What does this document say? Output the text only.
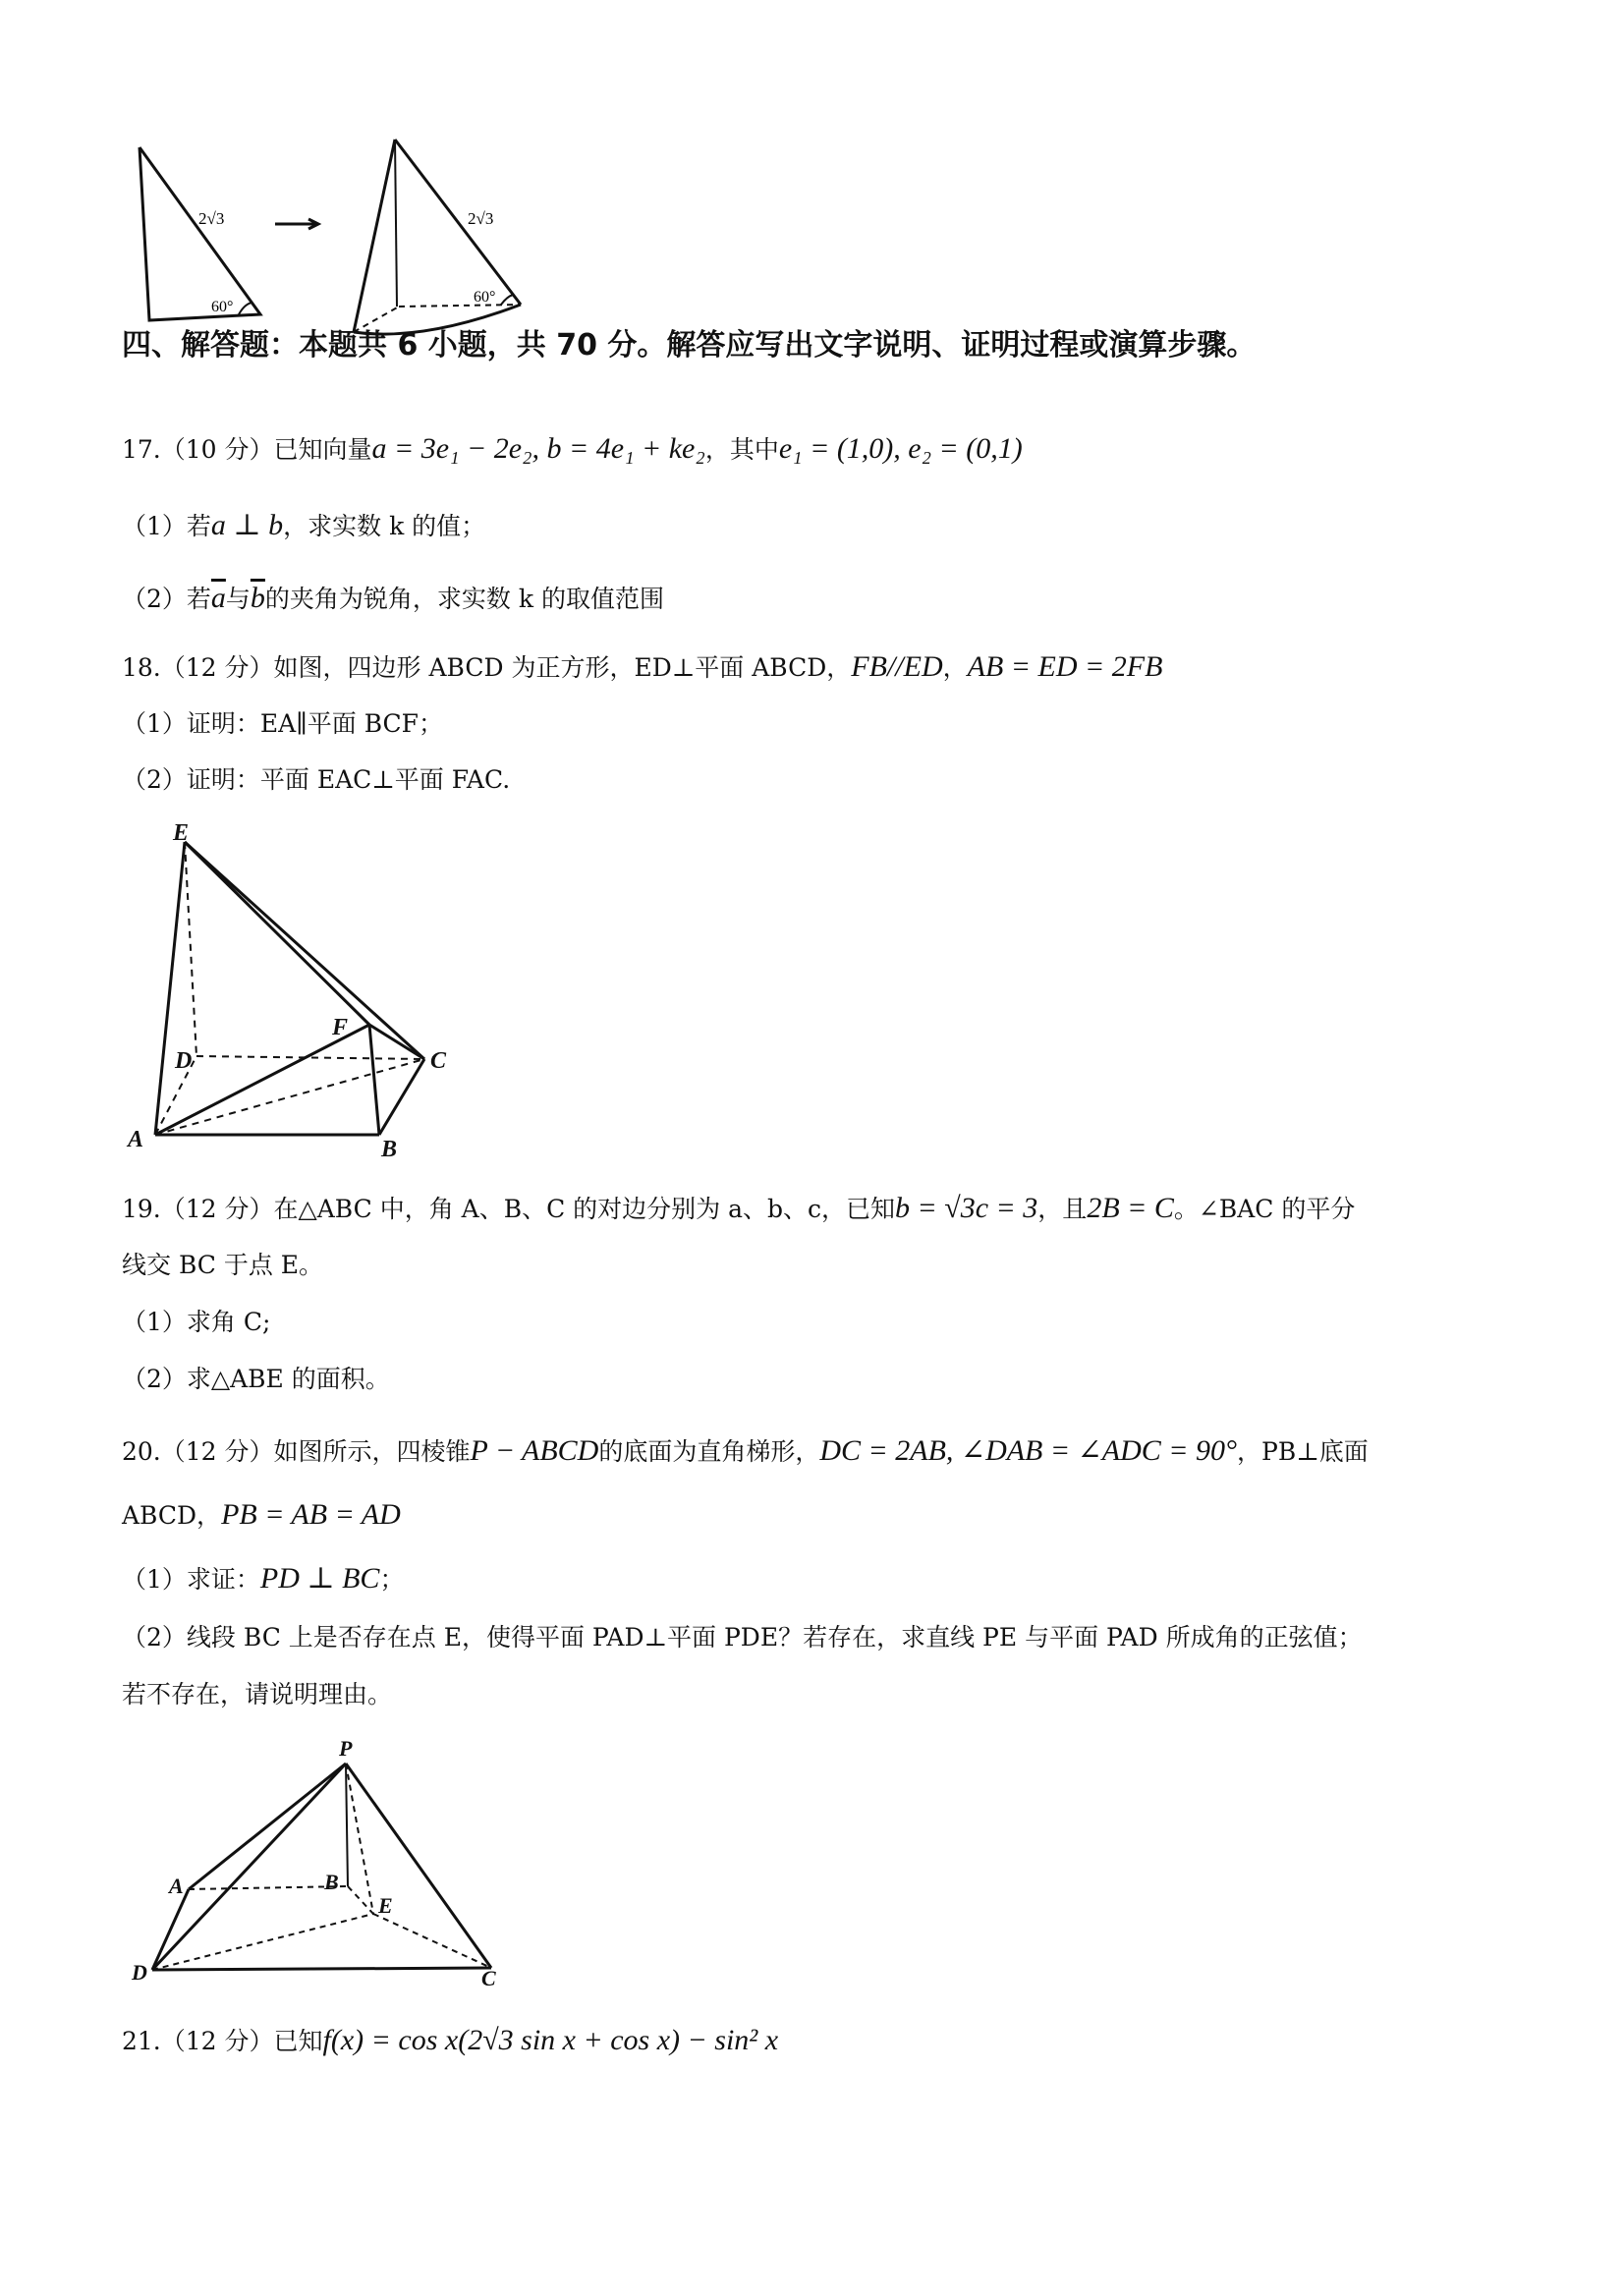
2√3
60°
2√3
60°
四、解答题：本题共 6 小题，共 70 分。解答应写出文字说明、证明过程或演算步骤。
17.（10 分）已知向量a = 3e₁ − 2e₂, b = 4e₁ + ke₂，其中e₁ = (1,0), e₂ = (0,1)
（1）若a ⊥ b，求实数 k 的值；
（2）若$\overline{a}$与$\overline{b}$的夹角为锐角，求实数 k 的取值范围
18.（12 分）如图，四边形 ABCD 为正方形，ED⊥平面 ABCD，FB//ED，AB = ED = 2FB
（1）证明：EA∥平面 BCF；
（2）证明：平面 EAC⊥平面 FAC.
E
F
D	C
A	B
19.（12 分）在△ABC 中，角 A、B、C 的对边分别为 a、b、c，已知b = √3c = 3，且2B = C。∠BAC 的平分
线交 BC 于点 E。
（1）求角 C;
（2）求△ABE 的面积。
20.（12 分）如图所示，四棱锥P − ABCD的底面为直角梯形，DC = 2AB, ∠DAB = ∠ADC = 90°，PB⊥底面
ABCD，PB = AB = AD
（1）求证：PD ⊥ BC；
（2）线段 BC 上是否存在点 E，使得平面 PAD⊥平面 PDE？若存在，求直线 PE 与平面 PAD 所成角的正弦值；
若不存在，请说明理由。
P
A	B
E
D	C
21.（12 分）已知f(x) = cos x(2√3 sin x + cos x) − sin² x
